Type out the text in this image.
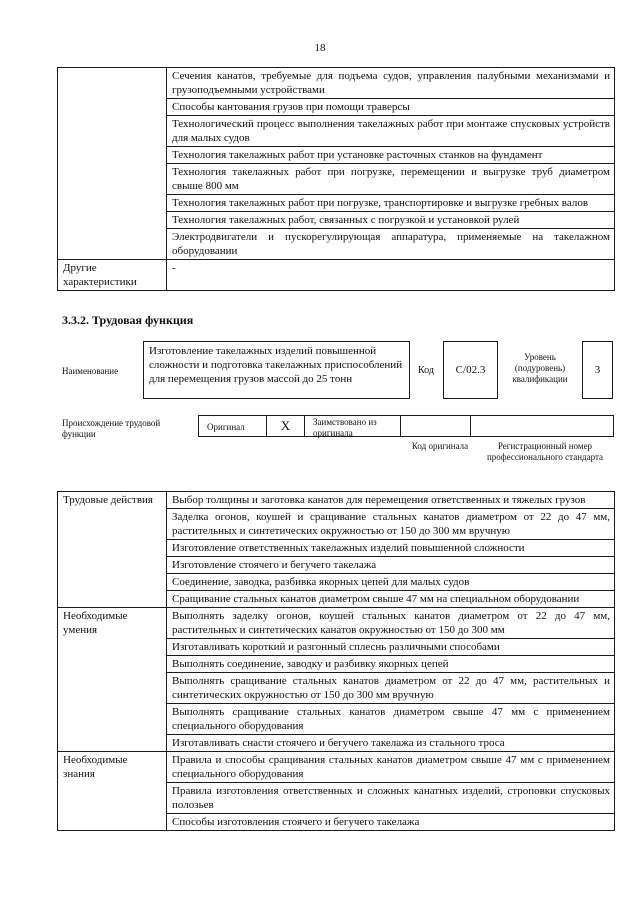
18
	Сечения канатов, требуемые для подъема судов, управления палубными механизмами и грузоподъемными устройствами
	Способы кантования грузов при помощи траверсы
	Технологический процесс выполнения такелажных работ при монтаже спусковых устройств для малых судов
	Технология такелажных работ при установке расточных станков на фундамент
	Технология такелажных работ при погрузке, перемещении и выгрузке труб диаметром свыше 800 мм
	Технология такелажных работ при погрузке, транспортировке и выгрузке гребных валов
	Технология такелажных работ, связанных с погрузкой и установкой рулей
	Электродвигатели и пускорегулирующая аппаратура, применяемые на такелажном оборудовании
Другие характеристики	-
3.3.2. Трудовая функция
Наименование
Изготовление такелажных изделий повышенной сложности и подготовка такелажных приспособлений для перемещения грузов массой до 25 тонн
Код	C/02.3
Уровень (подуровень) квалификации
3
Происхождение трудовой функции
Оригинал	X	Заимствовано из оригинала
Код оригинала	Регистрационный номер профессионального стандарта
Трудовые действия	Выбор толщины и заготовка канатов для перемещения ответственных и тяжелых грузов
	Заделка огонов, коушей и сращивание стальных канатов диаметром от 22 до 47 мм, растительных и синтетических окружностью от 150 до 300 мм вручную
	Изготовление ответственных такелажных изделий повышенной сложности
	Изготовление стоячего и бегучего такелажа
	Соединение, заводка, разбивка якорных цепей для малых судов
	Сращивание стальных канатов диаметром свыше 47 мм на специальном оборудовании
Необходимые умения	Выполнять заделку огонов, коушей стальных канатов диаметром от 22 до 47 мм, растительных и синтетических канатов окружностью от 150 до 300 мм
	Изготавливать короткий и разгонный сплеснь различными способами
	Выполнять соединение, заводку и разбивку якорных цепей
	Выполнять сращивание стальных канатов диаметром от 22 до 47 мм, растительных и синтетических окружностью от 150 до 300 мм вручную
	Выполнять сращивание стальных канатов диаметром свыше 47 мм с применением специального оборудования
	Изготавливать снасти стоячего и бегучего такелажа из стального троса
Необходимые знания	Правила и способы сращивания стальных канатов диаметром свыше 47 мм с применением специального оборудования
	Правила изготовления ответственных и сложных канатных изделий, строповки спусковых полозьев
	Способы изготовления стоячего и бегучего такелажа
